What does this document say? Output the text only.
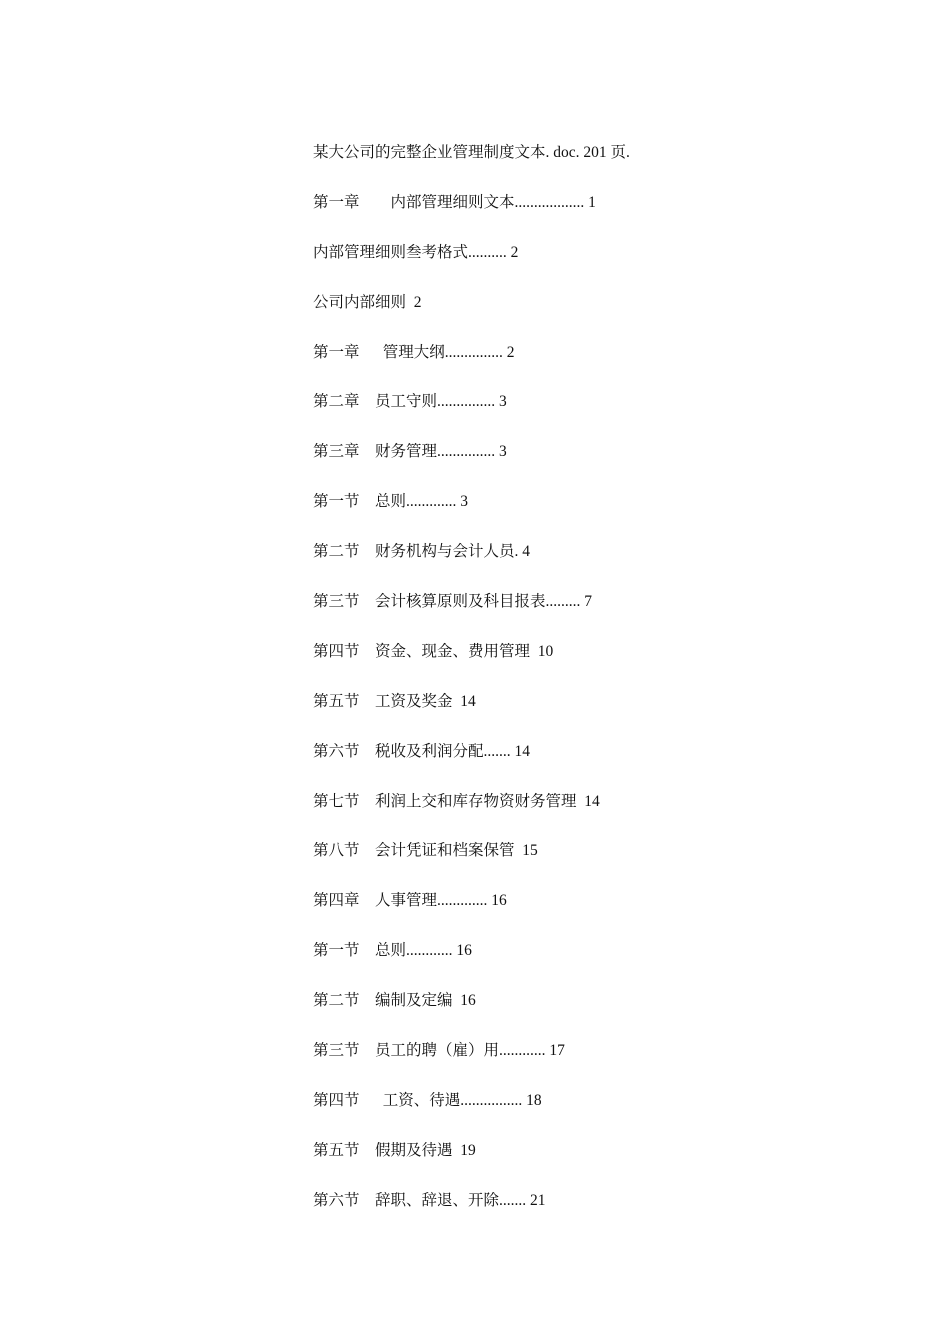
某大公司的完整企业管理制度文本. doc. 201 页.
第一章        内部管理细则文本.................. 1
内部管理细则叁考格式.......... 2
公司内部细则  2
第一章      管理大纲............... 2
第二章    员工守则............... 3
第三章    财务管理............... 3
第一节    总则............. 3
第二节    财务机构与会计人员. 4
第三节    会计核算原则及科目报表......... 7
第四节    资金、现金、费用管理  10
第五节    工资及奖金  14
第六节    税收及利润分配....... 14
第七节    利润上交和库存物资财务管理  14
第八节    会计凭证和档案保管  15
第四章    人事管理............. 16
第一节    总则............ 16
第二节    编制及定编  16
第三节    员工的聘（雇）用............ 17
第四节      工资、待遇................ 18
第五节    假期及待遇  19
第六节    辞职、辞退、开除....... 21
